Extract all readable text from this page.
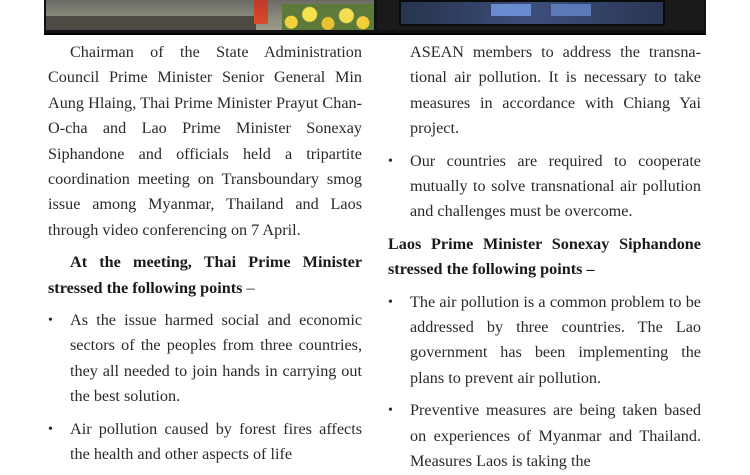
Chairman of the State Administration Council Prime Minister Senior General Min Aung Hlaing, Thai Prime Minister Prayut Chan-O-cha and Lao Prime Minister Sonexay Siphandone and officials held a tripartite coordination meeting on Transboundary smog issue among Myanmar, Thailand and Laos through video conferencing on 7 April.

At the meeting, Thai Prime Minister stressed the following points –

• As the issue harmed social and economic sectors of the peoples from three countries, they all needed to join hands in carrying out the best solution.
• Air pollution caused by forest fires affects the health and other aspects of life

ASEAN members to address the transnational air pollution. It is necessary to take measures in accordance with Chiang Yai project.

• Our countries are required to cooperate mutually to solve transnational air pollution and challenges must be overcome.

Laos Prime Minister Sonexay Siphandone stressed the following points –

• The air pollution is a common problem to be addressed by three countries. The Lao government has been implementing the plans to prevent air pollution.
• Preventive measures are being taken based on experiences of Myanmar and Thailand. Measures Laos is taking the
